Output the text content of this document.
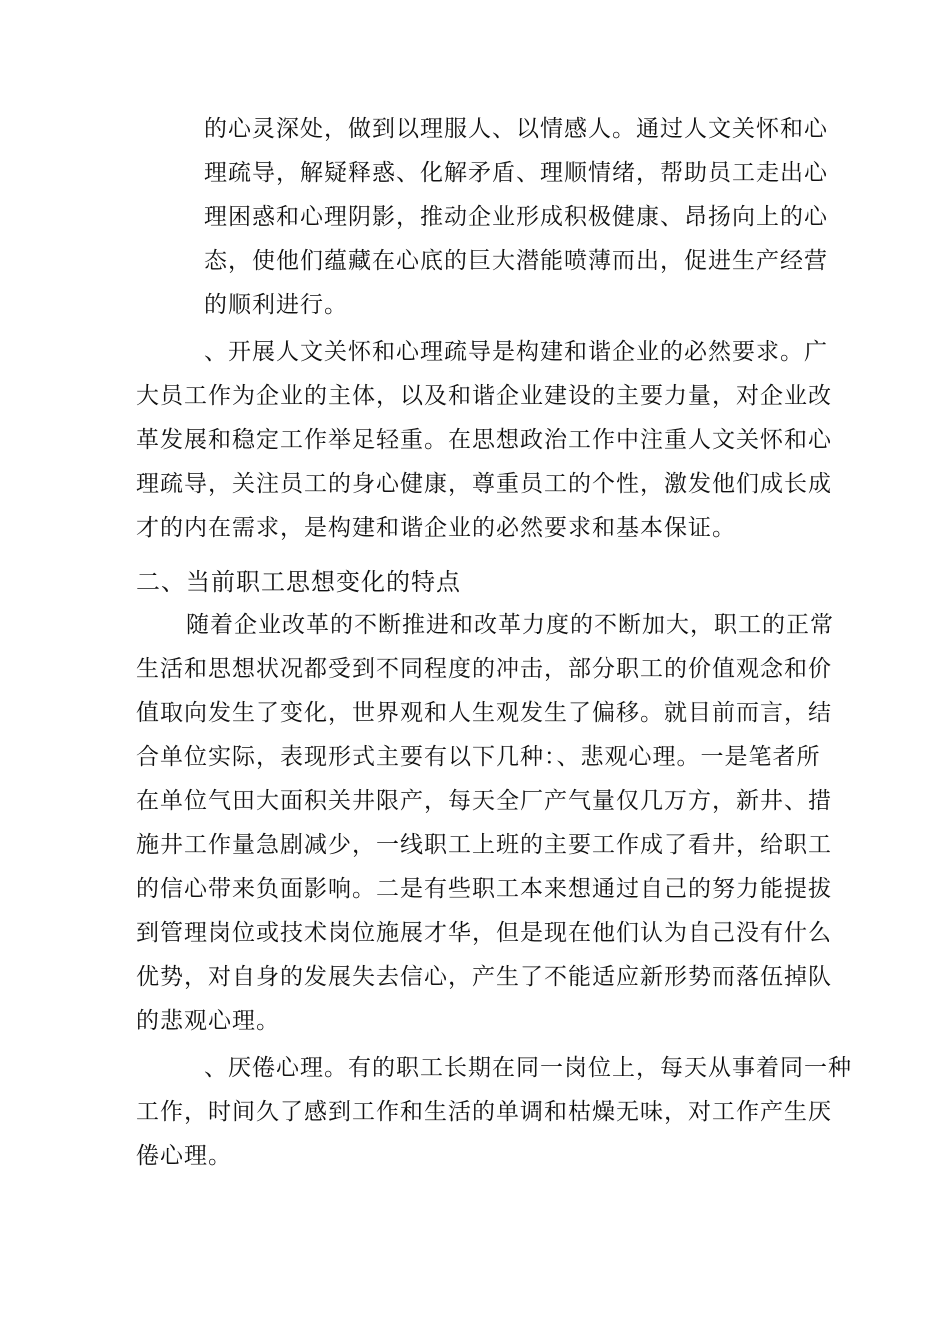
的心灵深处，做到以理服人、以情感人。通过人文关怀和心
理疏导，解疑释惑、化解矛盾、理顺情绪，帮助员工走出心
理困惑和心理阴影，推动企业形成积极健康、昂扬向上的心
态，使他们蕴藏在心底的巨大潜能喷薄而出，促进生产经营
的顺利进行。
、开展人文关怀和心理疏导是构建和谐企业的必然要求。广
大员工作为企业的主体，以及和谐企业建设的主要力量，对企业改
革发展和稳定工作举足轻重。在思想政治工作中注重人文关怀和心
理疏导，关注员工的身心健康，尊重员工的个性，激发他们成长成
才的内在需求，是构建和谐企业的必然要求和基本保证。
二、当前职工思想变化的特点
随着企业改革的不断推进和改革力度的不断加大，职工的正常
生活和思想状况都受到不同程度的冲击，部分职工的价值观念和价
值取向发生了变化，世界观和人生观发生了偏移。就目前而言，结
合单位实际，表现形式主要有以下几种：、悲观心理。一是笔者所
在单位气田大面积关井限产，每天全厂产气量仅几万方，新井、措
施井工作量急剧减少，一线职工上班的主要工作成了看井，给职工
的信心带来负面影响。二是有些职工本来想通过自己的努力能提拔
到管理岗位或技术岗位施展才华，但是现在他们认为自己没有什么
优势，对自身的发展失去信心，产生了不能适应新形势而落伍掉队
的悲观心理。
、厌倦心理。有的职工长期在同一岗位上，每天从事着同一种
工作，时间久了感到工作和生活的单调和枯燥无味，对工作产生厌
倦心理。
